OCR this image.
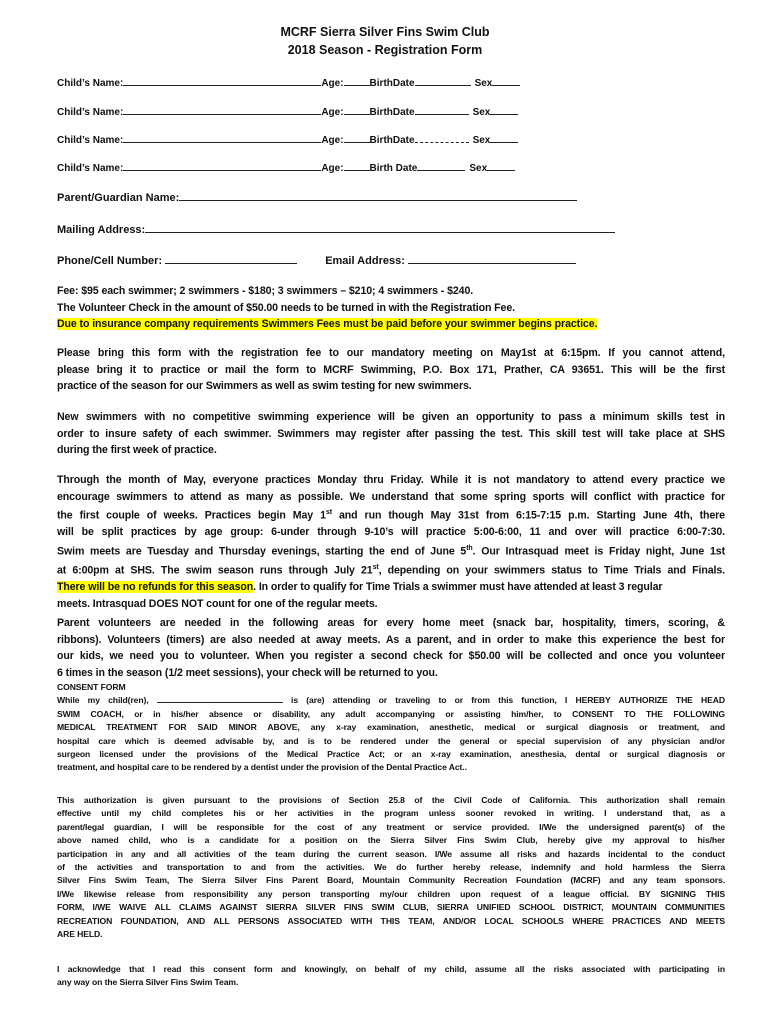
MCRF Sierra Silver Fins Swim Club
2018 Season - Registration Form
Child’s Name:	Age:	BirthDate	Sex
Child’s Name:	Age:	BirthDate	Sex
Child’s Name:	Age:	BirthDate	Sex
Child’s Name:	Age:	Birth Date	Sex
Parent/Guardian Name:
Mailing Address:
Phone/Cell Number:	Email Address:
Fee: $95 each swimmer; 2 swimmers - $180; 3 swimmers – $210; 4 swimmers - $240.
The Volunteer Check in the amount of $50.00 needs to be turned in with the Registration Fee.
Due to insurance company requirements Swimmers Fees must be paid before your swimmer begins practice.
Please bring this form with the registration fee to our mandatory meeting on May1st at 6:15pm. If you cannot attend,
please bring it to practice or mail the form to MCRF Swimming, P.O. Box 171, Prather, CA 93651. This will be the first
practice of the season for our Swimmers as well as swim testing for new swimmers.
New swimmers with no competitive swimming experience will be given an opportunity to pass a minimum skills test in
order to insure safety of each swimmer. Swimmers may register after passing the test. This skill test will take place at SHS
during the first week of practice.
Through the month of May, everyone practices Monday thru Friday. While it is not mandatory to attend every practice we
encourage swimmers to attend as many as possible. We understand that some spring sports will conflict with practice for
the first couple of weeks. Practices begin May 1st and run though May 31st from 6:15-7:15 p.m. Starting June 4th, there
will be split practices by age group: 6-under through 9-10’s will practice 5:00-6:00, 11 and over will practice 6:00-7:30.
Swim meets are Tuesday and Thursday evenings, starting the end of June 5th. Our Intrasquad meet is Friday night, June 1st
at 6:00pm at SHS. The swim season runs through July 21st, depending on your swimmers status to Time Trials and Finals.
There will be no refunds for this season. In order to qualify for Time Trials a swimmer must have attended at least 3 regular
meets. Intrasquad DOES NOT count for one of the regular meets.
Parent volunteers are needed in the following areas for every home meet (snack bar, hospitality, timers, scoring, &
ribbons). Volunteers (timers) are also needed at away meets. As a parent, and in order to make this experience the best for
our kids, we need you to volunteer. When you register a second check for $50.00 will be collected and once you volunteer
6 times in the season (1/2 meet sessions), your check will be returned to you.
CONSENT FORM
While my child(ren),	is (are) attending or traveling to or from this function, I HEREBY AUTHORIZE THE HEAD
SWIM COACH, or in his/her absence or disability, any adult accompanying or assisting him/her, to CONSENT TO THE FOLLOWING
MEDICAL TREATMENT FOR SAID MINOR ABOVE, any x-ray examination, anesthetic, medical or surgical diagnosis or treatment, and
hospital care which is deemed advisable by, and is to be rendered under the general or special supervision of any physician and/or
surgeon licensed under the provisions of the Medical Practice Act; or an x-ray examination, anesthesia, dental or surgical diagnosis or
treatment, and hospital care to be rendered by a dentist under the provision of the Dental Practice Act..
This authorization is given pursuant to the provisions of Section 25.8 of the Civil Code of California. This authorization shall remain
effective until my child completes his or her activities in the program unless sooner revoked in writing. I understand that, as a
parent/legal guardian, I will be responsible for the cost of any treatment or service provided. I/We the undersigned parent(s) of the
above named child, who is a candidate for a position on the Sierra Silver Fins Swim Club, hereby give my approval to his/her
participation in any and all activities of the team during the current season. I/We assume all risks and hazards incidental to the conduct
of the activities and transportation to and from the activities. We do further hereby release, indemnify and hold harmless the Sierra
Silver Fins Swim Team, The Sierra Silver Fins Parent Board, Mountain Community Recreation Foundation (MCRF) and any team sponsors.
I/We likewise release from responsibility any person transporting my/our children upon request of a league official. BY SIGNING THIS
FORM, I/WE WAIVE ALL CLAIMS AGAINST SIERRA SILVER FINS SWIM CLUB, SIERRA UNIFIED SCHOOL DISTRICT, MOUNTAIN COMMUNITIES
RECREATION FOUNDATION, AND ALL PERSONS ASSOCIATED WITH THIS TEAM, AND/OR LOCAL SCHOOLS WHERE PRACTICES AND MEETS
ARE HELD.
I acknowledge that I read this consent form and knowingly, on behalf of my child, assume all the risks associated with participating in
any way on the Sierra Silver Fins Swim Team.
